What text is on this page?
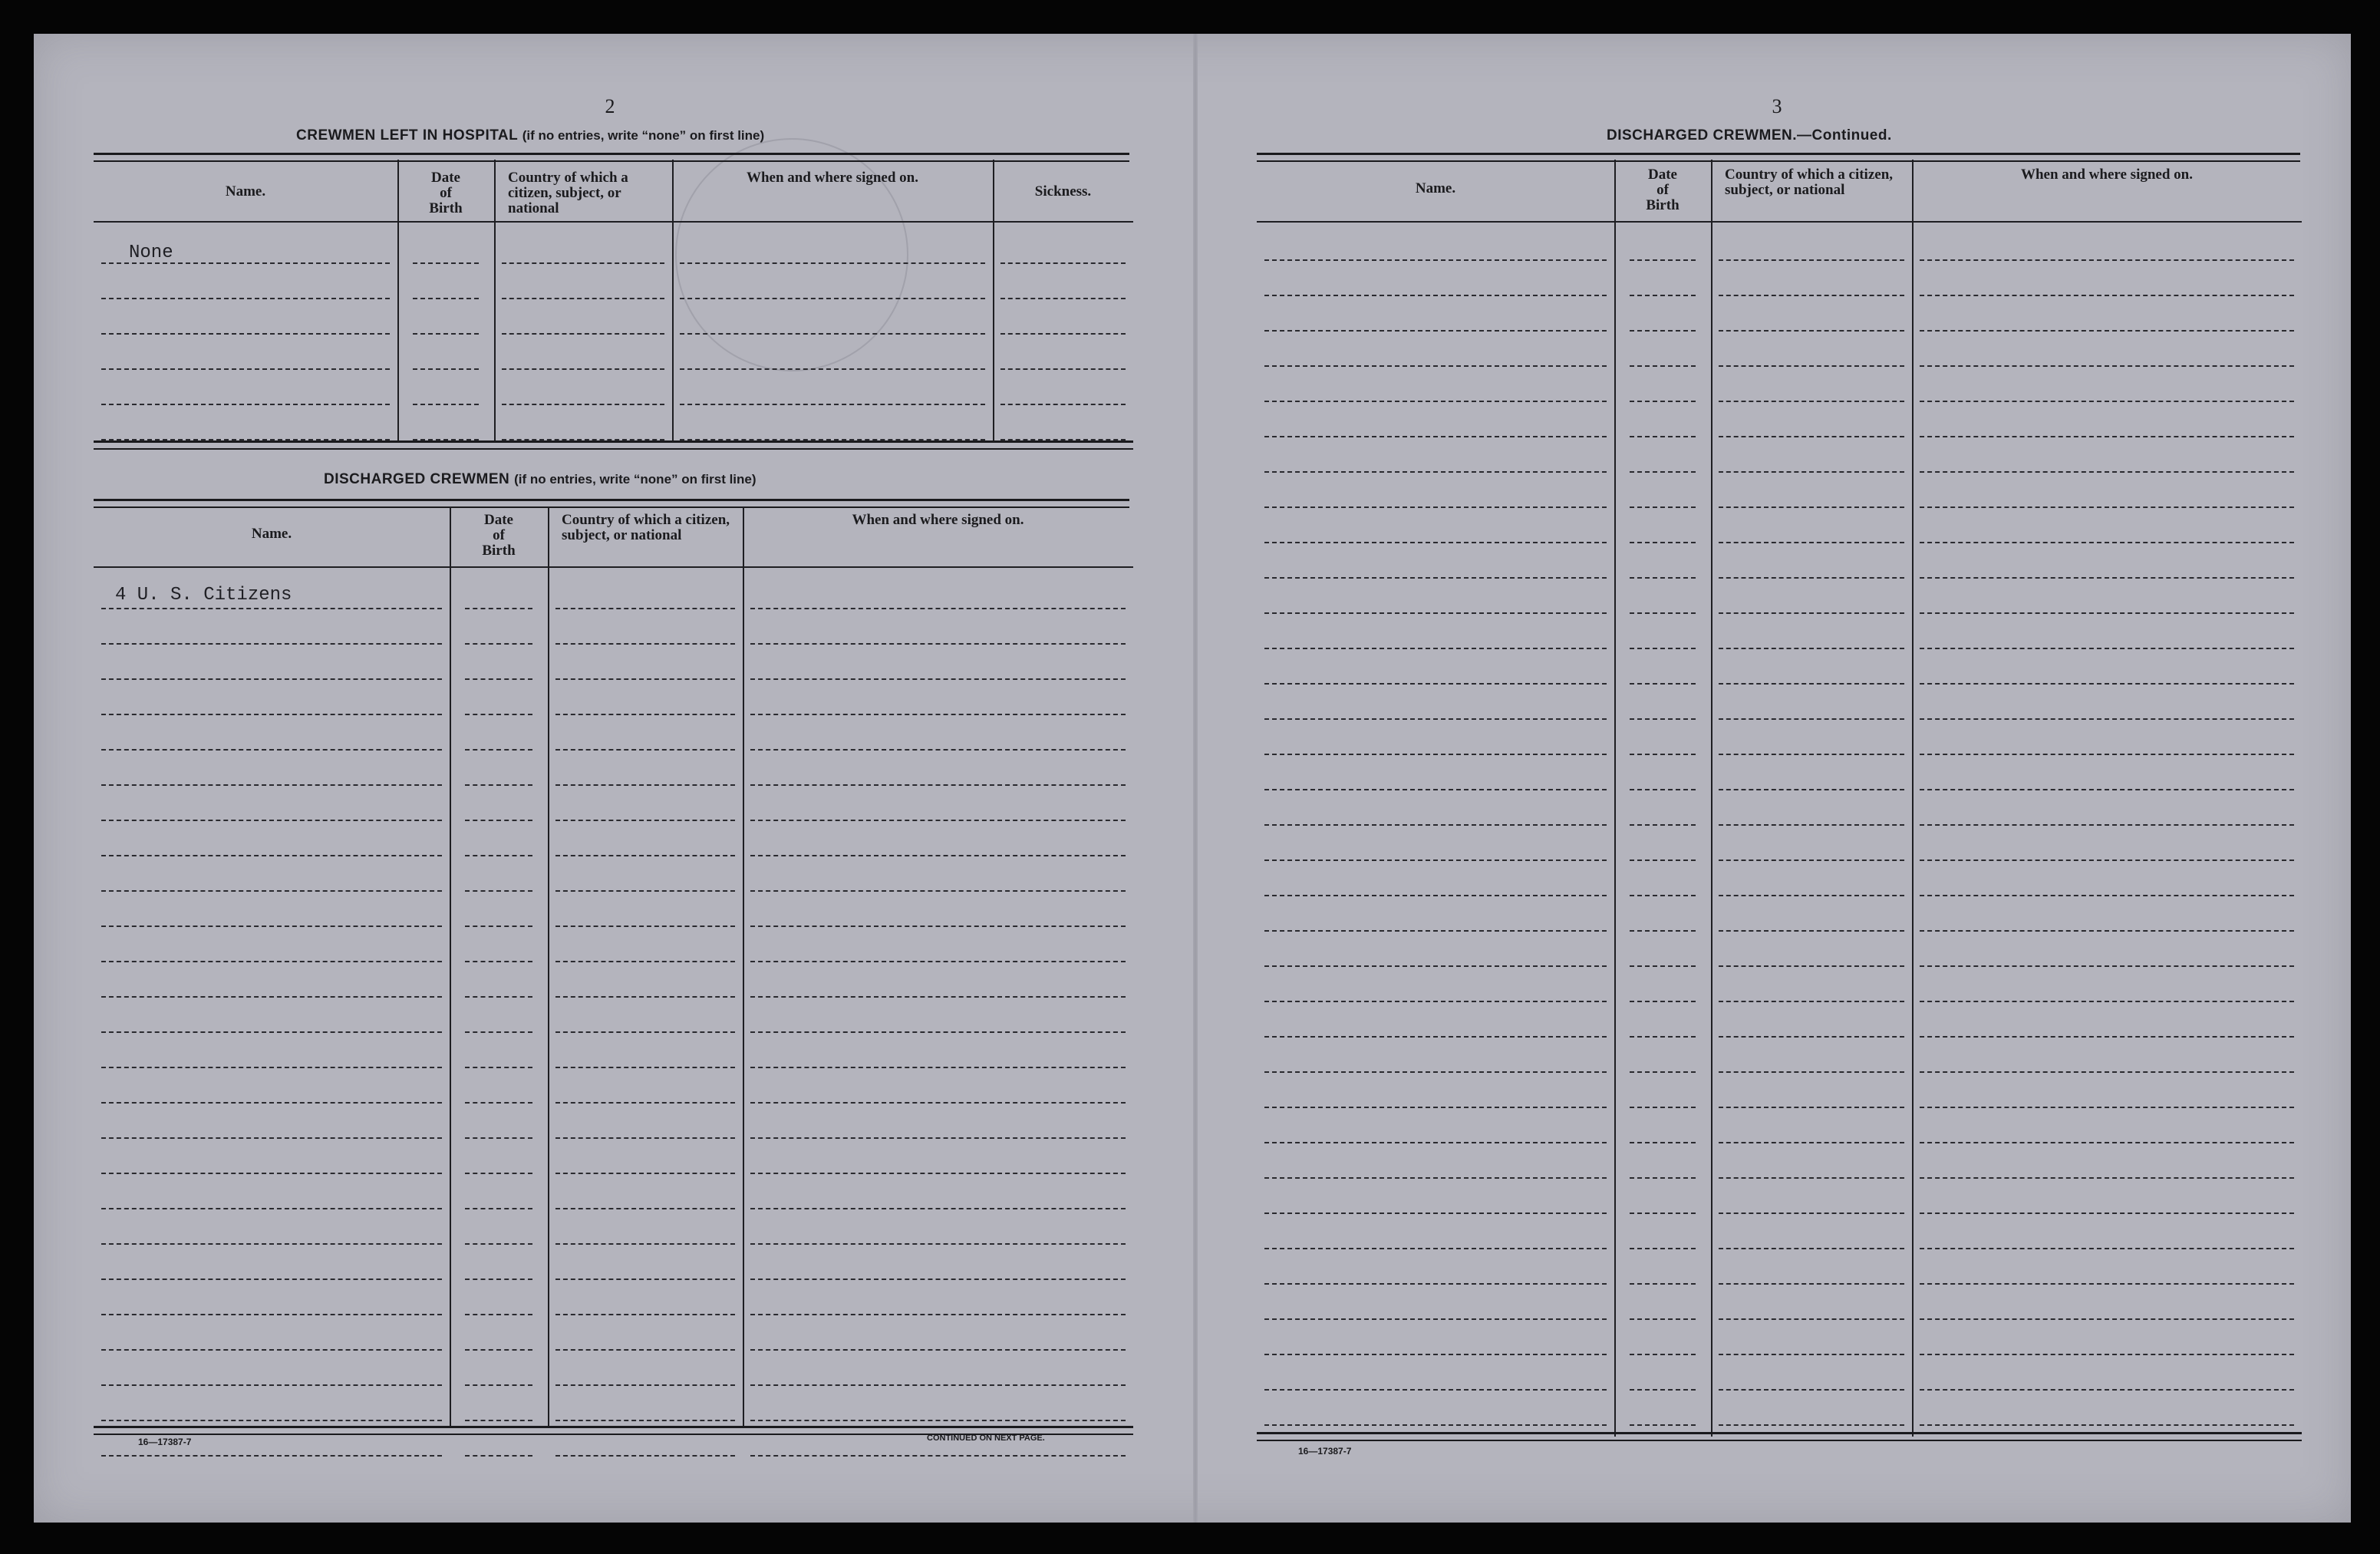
2
CREWMEN LEFT IN HOSPITAL (if no entries, write “none” on first line)
Name.
Date of Birth
Country of which a citizen, subject, or national
When and where signed on.
Sickness.
None
DISCHARGED CREWMEN (if no entries, write “none” on first line)
Name.
Date of Birth
Country of which a citizen, subject, or national
When and where signed on.
4 U. S. Citizens
16—17387-7	CONTINUED ON NEXT PAGE.
3
DISCHARGED CREWMEN.—Continued.
Name.
Date of Birth
Country of which a citizen, subject, or national
When and where signed on.
16—17387-7
